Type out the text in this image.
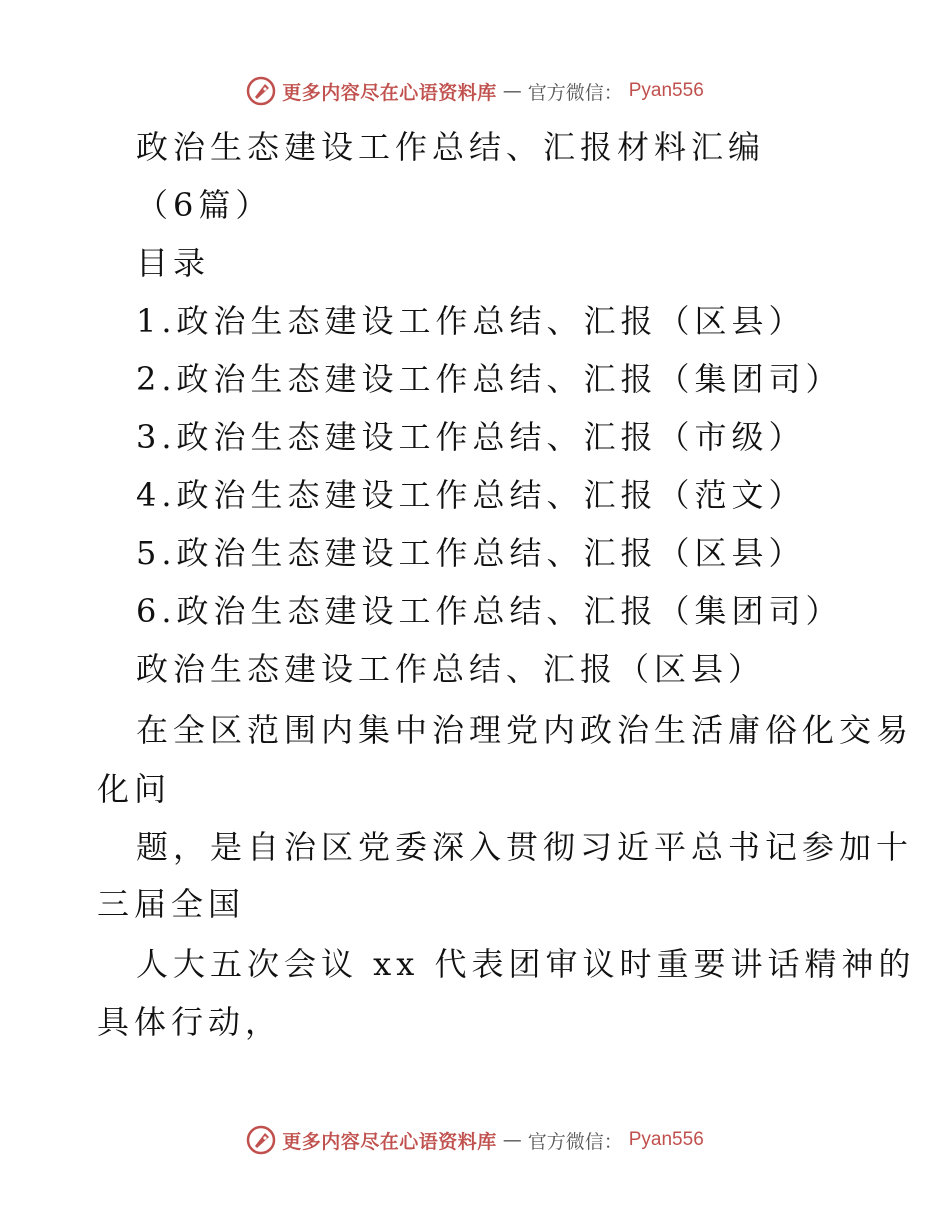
更多内容尽在心语资料库 — 官方微信： Pyan556
政治生态建设工作总结、汇报材料汇编
（6篇）
目录
1.政治生态建设工作总结、汇报（区县）
2.政治生态建设工作总结、汇报（集团司）
3.政治生态建设工作总结、汇报（市级）
4.政治生态建设工作总结、汇报（范文）
5.政治生态建设工作总结、汇报（区县）
6.政治生态建设工作总结、汇报（集团司）
政治生态建设工作总结、汇报（区县）
在全区范围内集中治理党内政治生活庸俗化交易
化问
题，是自治区党委深入贯彻习近平总书记参加十
三届全国
人大五次会议 xx 代表团审议时重要讲话精神的
具体行动，
更多内容尽在心语资料库 — 官方微信： Pyan556
